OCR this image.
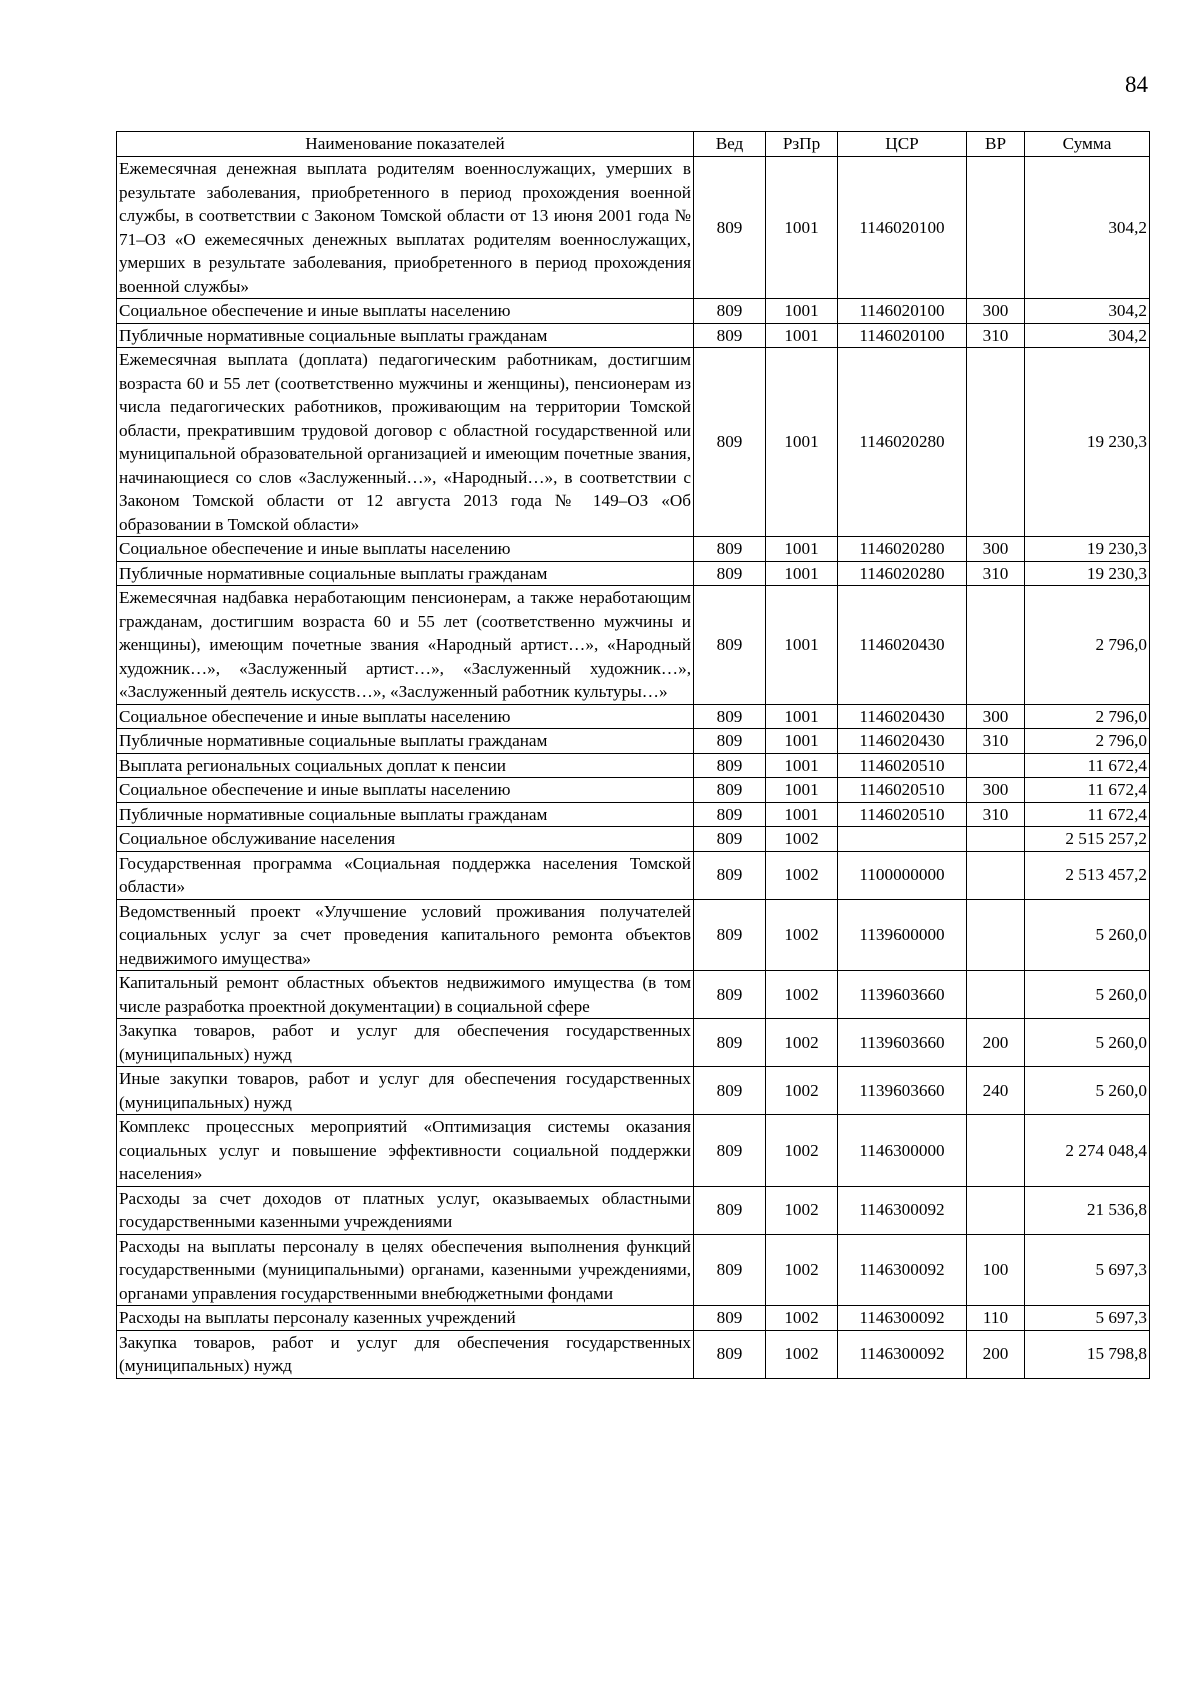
84
Наименование показателей	Вед	РзПр	ЦСР	ВР	Сумма
Ежемесячная денежная выплата родителям военнослужащих, умерших в результате заболевания, приобретенного в период прохождения военной службы, в соответствии с Законом Томской области от 13 июня 2001 года № 71–ОЗ «О ежемесячных денежных выплатах родителям военнослужащих, умерших в результате заболевания, приобретенного в период прохождения военной службы»	809	1001	1146020100		304,2
Социальное обеспечение и иные выплаты населению	809	1001	1146020100	300	304,2
Публичные нормативные социальные выплаты гражданам	809	1001	1146020100	310	304,2
Ежемесячная выплата (доплата) педагогическим работникам, достигшим возраста 60 и 55 лет (соответственно мужчины и женщины), пенсионерам из числа педагогических работников, проживающим на территории Томской области, прекратившим трудовой договор с областной государственной или муниципальной образовательной организацией и имеющим почетные звания, начинающиеся со слов «Заслуженный…», «Народный…», в соответствии с Законом Томской области от 12 августа 2013 года № 149–ОЗ «Об образовании в Томской области»	809	1001	1146020280		19 230,3
Социальное обеспечение и иные выплаты населению	809	1001	1146020280	300	19 230,3
Публичные нормативные социальные выплаты гражданам	809	1001	1146020280	310	19 230,3
Ежемесячная надбавка неработающим пенсионерам, а также неработающим гражданам, достигшим возраста 60 и 55 лет (соответственно мужчины и женщины), имеющим почетные звания «Народный артист…», «Народный художник…», «Заслуженный артист…», «Заслуженный художник…», «Заслуженный деятель искусств…», «Заслуженный работник культуры…»	809	1001	1146020430		2 796,0
Социальное обеспечение и иные выплаты населению	809	1001	1146020430	300	2 796,0
Публичные нормативные социальные выплаты гражданам	809	1001	1146020430	310	2 796,0
Выплата региональных социальных доплат к пенсии	809	1001	1146020510		11 672,4
Социальное обеспечение и иные выплаты населению	809	1001	1146020510	300	11 672,4
Публичные нормативные социальные выплаты гражданам	809	1001	1146020510	310	11 672,4
Социальное обслуживание населения	809	1002			2 515 257,2
Государственная программа «Социальная поддержка населения Томской области»	809	1002	1100000000		2 513 457,2
Ведомственный проект «Улучшение условий проживания получателей социальных услуг за счет проведения капитального ремонта объектов недвижимого имущества»	809	1002	1139600000		5 260,0
Капитальный ремонт областных объектов недвижимого имущества (в том числе разработка проектной документации) в социальной сфере	809	1002	1139603660		5 260,0
Закупка товаров, работ и услуг для обеспечения государственных (муниципальных) нужд	809	1002	1139603660	200	5 260,0
Иные закупки товаров, работ и услуг для обеспечения государственных (муниципальных) нужд	809	1002	1139603660	240	5 260,0
Комплекс процессных мероприятий «Оптимизация системы оказания социальных услуг и повышение эффективности социальной поддержки населения»	809	1002	1146300000		2 274 048,4
Расходы за счет доходов от платных услуг, оказываемых областными государственными казенными учреждениями	809	1002	1146300092		21 536,8
Расходы на выплаты персоналу в целях обеспечения выполнения функций государственными (муниципальными) органами, казенными учреждениями, органами управления государственными внебюджетными фондами	809	1002	1146300092	100	5 697,3
Расходы на выплаты персоналу казенных учреждений	809	1002	1146300092	110	5 697,3
Закупка товаров, работ и услуг для обеспечения государственных (муниципальных) нужд	809	1002	1146300092	200	15 798,8
